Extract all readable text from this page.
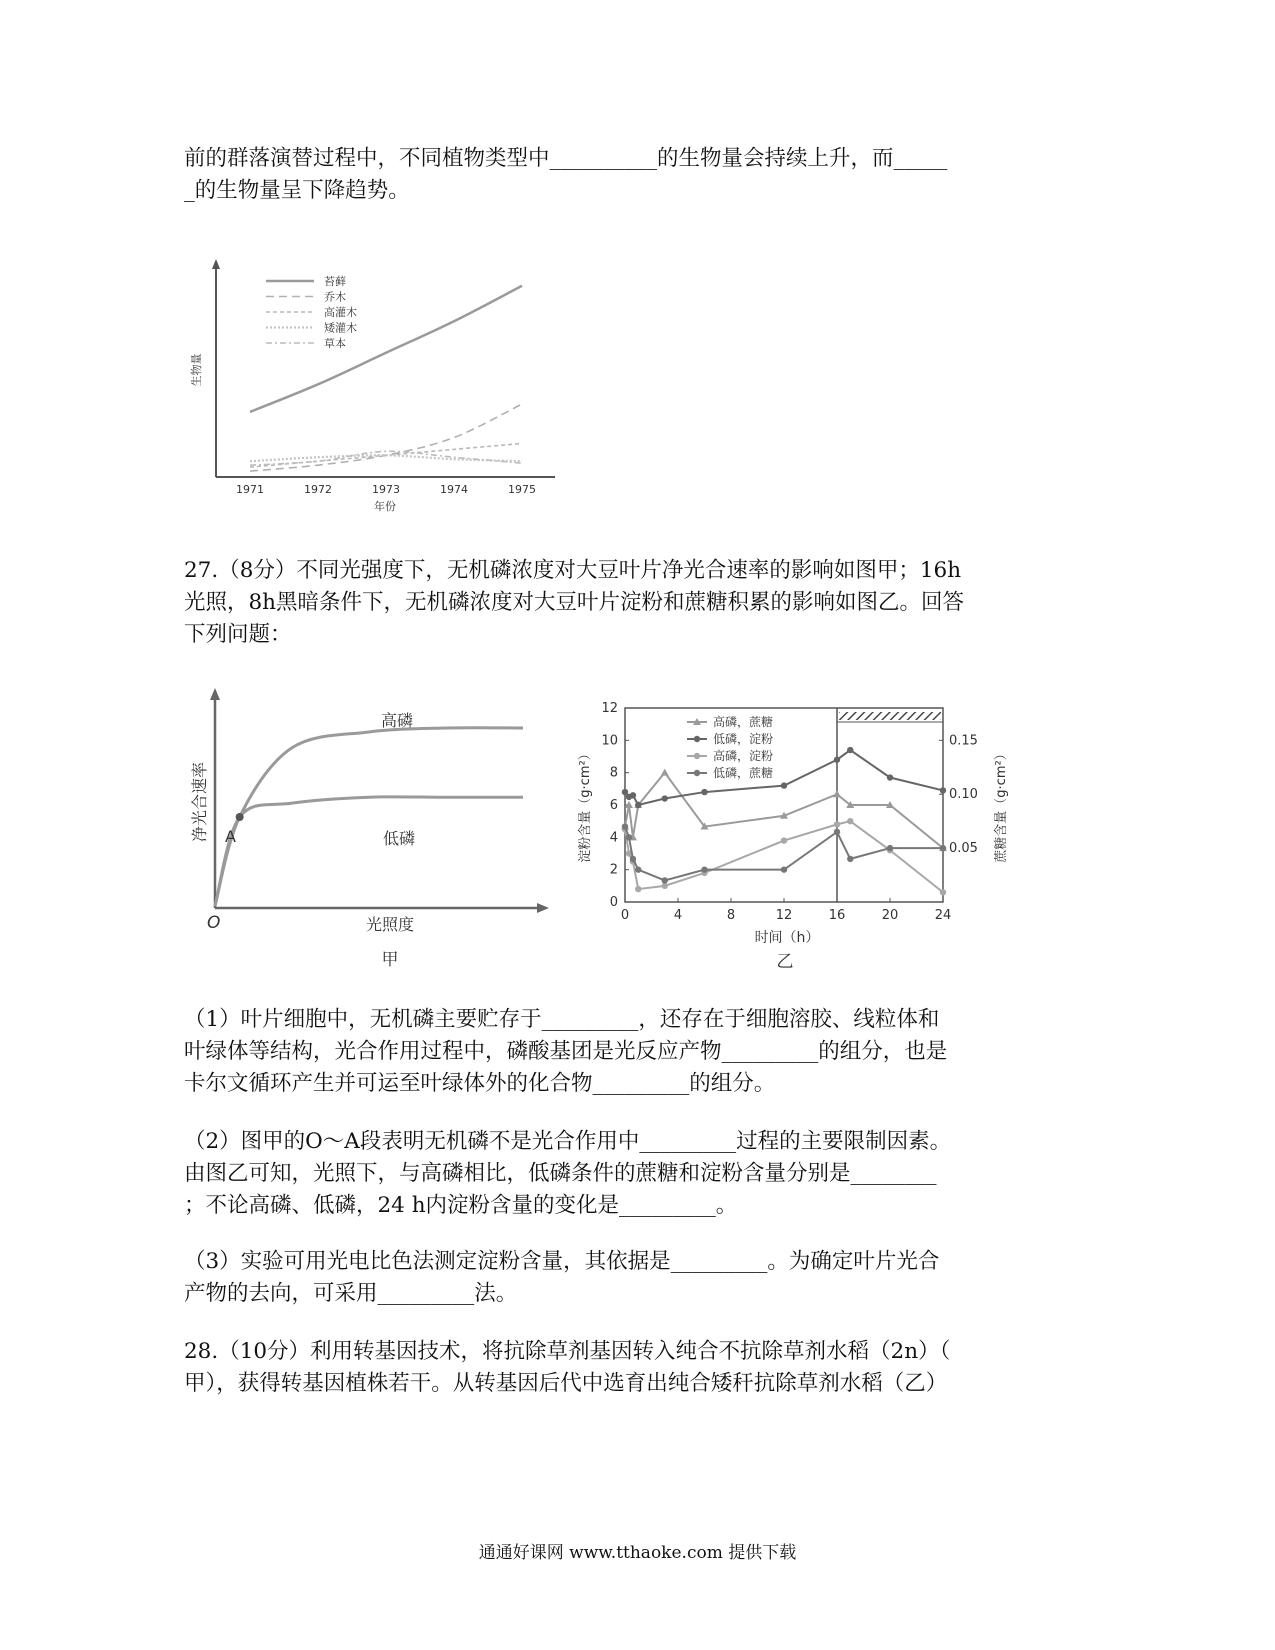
前的群落演替过程中，不同植物类型中__________的生物量会持续上升，而_____
_的生物量呈下降趋势。

苔藓
乔木
高灌木
矮灌木
草本
1971	1972	1973	1974	1975
生物量
年份

27.（8分）不同光强度下，无机磷浓度对大豆叶片净光合速率的影响如图甲；16h
光照，8h黑暗条件下，无机磷浓度对大豆叶片淀粉和蔗糖积累的影响如图乙。回答
下列问题：

A
高磷
低磷
O	光照度
净光合速率
甲
0	4	8	12	16	20	24
0
2
4
6
8
10
12
0.05
0.10
0.15
高磷，蔗糖
低磷，淀粉
高磷，淀粉
低磷，蔗糖
淀粉含量（g·cm²）	蔗糖含量（g·cm²）
时间（h）
乙

（1）叶片细胞中，无机磷主要贮存于_________，还存在于细胞溶胶、线粒体和
叶绿体等结构，光合作用过程中，磷酸基团是光反应产物_________的组分，也是
卡尔文循环产生并可运至叶绿体外的化合物_________的组分。

（2）图甲的O～A段表明无机磷不是光合作用中_________过程的主要限制因素。
由图乙可知，光照下，与高磷相比，低磷条件的蔗糖和淀粉含量分别是________
；不论高磷、低磷，24 h内淀粉含量的变化是_________。

（3）实验可用光电比色法测定淀粉含量，其依据是_________。为确定叶片光合
产物的去向，可采用_________法。

28.（10分）利用转基因技术，将抗除草剂基因转入纯合不抗除草剂水稻（2n）（
甲），获得转基因植株若干。从转基因后代中选育出纯合矮秆抗除草剂水稻（乙）

通通好课网 www.tthaoke.com 提供下载
